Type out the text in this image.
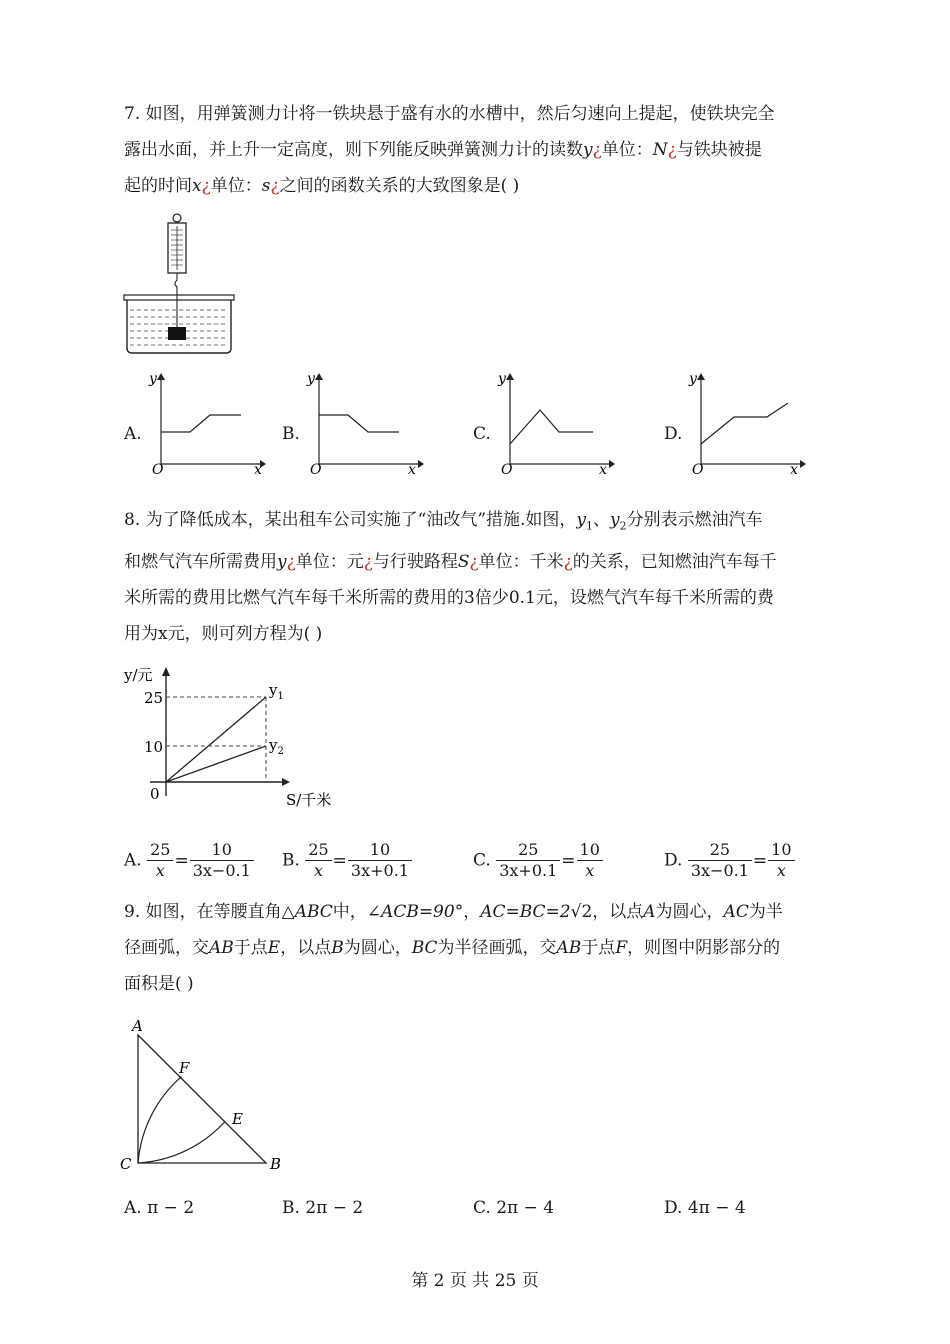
7. 如图，用弹簧测力计将一铁块悬于盛有水的水槽中，然后匀速向上提起，使铁块完全
露出水面，并上升一定高度，则下列能反映弹簧测力计的读数y¿单位：N¿与铁块被提
起的时间x¿单位：s¿之间的函数关系的大致图象是( )
A.
y
x
O
B.
y
x
O
C.
y
x
O
D.
y
x
O
8. 为了降低成本，某出租车公司实施了“油改气”措施.如图，$y_1$、$y_2$分别表示燃油汽车
和燃气汽车所需费用y¿单位：元¿与行驶路程S¿单位：千米¿的关系，已知燃油汽车每千
米所需的费用比燃气汽车每千米所需的费用的3倍少0.1元，设燃气汽车每千米所需的费
用为x元，则可列方程为( )
y/元
25
10
0	S/千米
$y_1$
$y_2$
A. $\frac{25}{x} = \frac{10}{3x-0.1} B$. $\frac{25}{x} = \frac{10}{3x+0.1}$	C. $\frac{25}{3x+0.1} = \frac{10}{x}$	D. $\frac{25}{3x-0.1} = \frac{10}{x}$
9. 如图，在等腰直角△ABC中，∠ACB=90°，AC=BC=2√2，以点A为圆心，AC为半
径画弧，交AB于点E，以点B为圆心，BC为半径画弧，交AB于点F，则图中阴影部分的
面积是( )
A
C	B
F
E
A. π − 2	B. 2π − 2	C. 2π − 4	D. 4π − 4
第 2 页 共 25 页
